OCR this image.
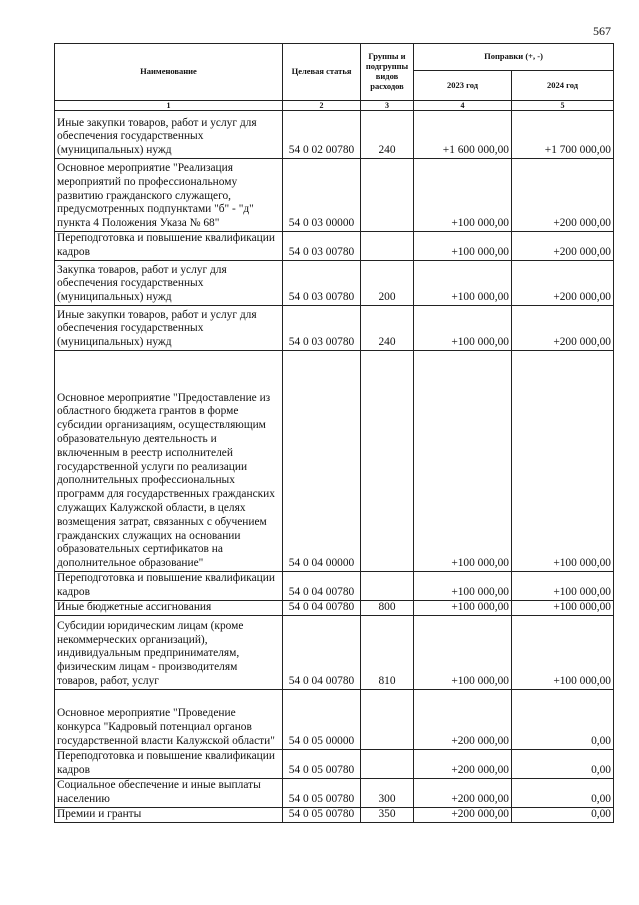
567
Наименование	Целевая статья	Группы и подгруппы видов расходов	Поправки (+, -)	
			2023 год	2024 год
1	2	3	4	5
Иные закупки товаров, работ и услуг для обеспечения государственных (муниципальных) нужд	54 0 02 00780	240	+1 600 000,00	+1 700 000,00
Основное мероприятие "Реализация мероприятий по профессиональному развитию гражданского служащего, предусмотренных подпунктами "б" - "д" пункта 4 Положения Указа № 68"	54 0 03 00000		+100 000,00	+200 000,00
Переподготовка и повышение квалификации кадров	54 0 03 00780		+100 000,00	+200 000,00
Закупка товаров, работ и услуг для обеспечения государственных (муниципальных) нужд	54 0 03 00780	200	+100 000,00	+200 000,00
Иные закупки товаров, работ и услуг для обеспечения государственных (муниципальных) нужд	54 0 03 00780	240	+100 000,00	+200 000,00
Основное мероприятие "Предоставление из областного бюджета грантов в форме субсидии организациям, осуществляющим образовательную деятельность и включенным в реестр исполнителей государственной услуги по реализации дополнительных профессиональных программ для государственных гражданских служащих Калужской области, в целях возмещения затрат, связанных с обучением гражданских служащих на основании образовательных сертификатов на дополнительное образование"	54 0 04 00000		+100 000,00	+100 000,00
Переподготовка и повышение квалификации кадров	54 0 04 00780		+100 000,00	+100 000,00
Иные бюджетные ассигнования	54 0 04 00780	800	+100 000,00	+100 000,00
Субсидии юридическим лицам (кроме некоммерческих организаций), индивидуальным предпринимателям, физическим лицам - производителям товаров, работ, услуг	54 0 04 00780	810	+100 000,00	+100 000,00
Основное мероприятие "Проведение конкурса "Кадровый потенциал органов государственной власти Калужской области"	54 0 05 00000		+200 000,00	0,00
Переподготовка и повышение квалификации кадров	54 0 05 00780		+200 000,00	0,00
Социальное обеспечение и иные выплаты населению	54 0 05 00780	300	+200 000,00	0,00
Премии и гранты	54 0 05 00780	350	+200 000,00	0,00
